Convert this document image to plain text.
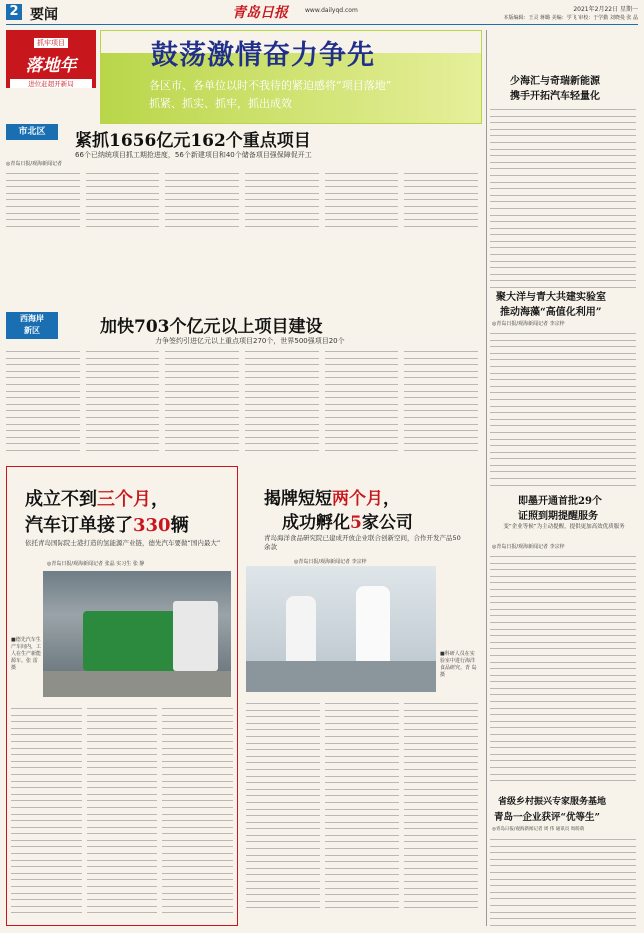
2 要闻	青岛日报	www.dailyqd.com	2021年2月22日 星期一
本版编辑：王灵 蒋璐 美编：学飞 审校：于学勤 刘晓曼 张 晶
抓牢项目
落地年
进位赶超开新局
鼓荡激情奋力争先
各区市、各单位以时不我待的紧迫感将“项目落地”
抓紧、抓实、抓牢，抓出成效
市北区	紧抓1656亿元162个重点项目
66个已纳统项目抓工期抢进度，56个新建项目和40个储备项目强保障促开工
◎青岛日报/观海新闻记者
西海岸
新区	加快703个亿元以上项目建设
力争签约引进亿元以上重点项目270个，世界500强项目20个
成立不到三个月，
汽车订单接了330辆
依托青岛国际院士港打造的氢能源产业链，德先汽车要做“国内最大”
◎青岛日报/观海新闻记者 张晶 实习生 张 静
■德先汽车生产车间内，工人在生产新能源车。张 雷 摄
揭牌短短两个月，
成功孵化5家公司
青岛海洋食品研究院已建成开放企业联合创新空间，合作开发产品50余款
◎青岛日报/观海新闻记者 李宗梓
■科研人员在实验室中进行海洋食品研究。青 岛 摄
少海汇与奇瑞新能源
携手开拓汽车轻量化
聚大洋与青大共建实验室
推动海藻“高值化利用”
◎青岛日报/观海新闻记者 李宗梓
即墨开通首批29个
证照到期提醒服务
变“企业等候”为主动提醒，提供更加高效优质服务
◎青岛日报/观海新闻记者 李宗梓
省级乡村振兴专家服务基地
青岛一企业获评“优等生”
◎青岛日报/观海新闻记者 周 伟 通讯员 周萌萌
